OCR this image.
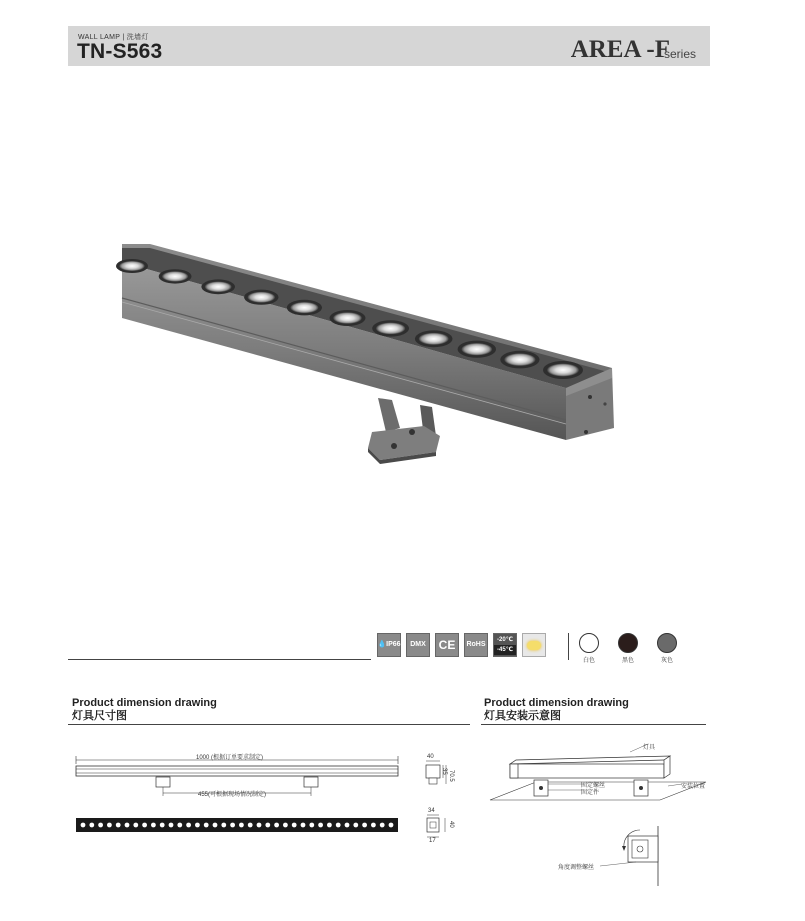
WALL LAMP | 洗墙灯
TN-S563	AREA -F
series
💧 IP66	DMX	CE	RoHS
-20℃
-45℃
白色	黑色	灰色
Product dimension drawing
灯具尺寸图
Product dimension drawing
灯具安装示意图
1000 (根据订单要求制定)
455(可根据现场情况制定)
40
70.5
35
34
40
17
灯具
固定螺丝
固定件
安装位置
角度调整螺丝
